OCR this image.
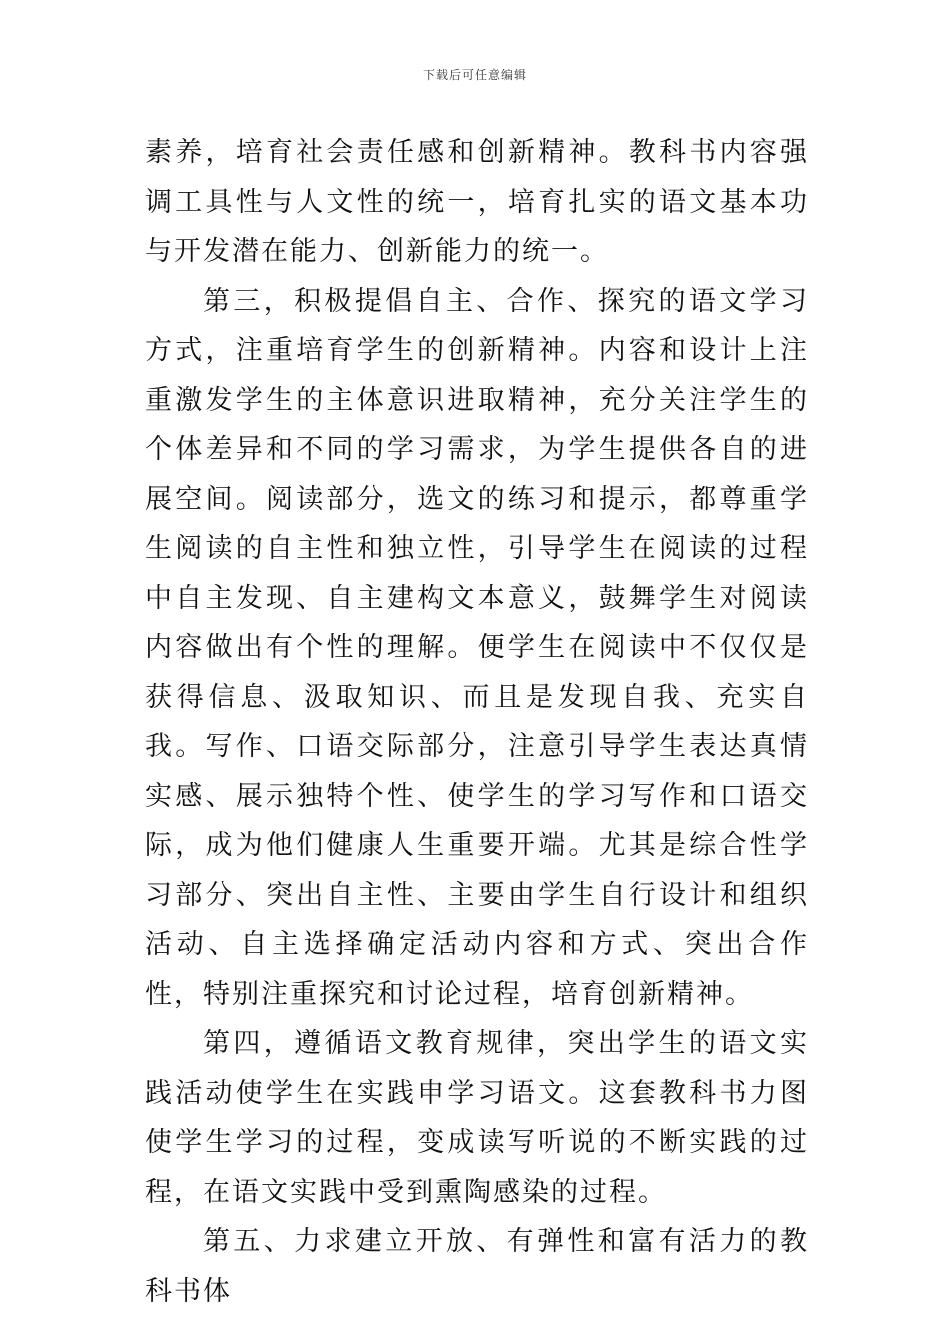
下载后可任意编辑

素养，培育社会责任感和创新精神。教科书内容强调工具性与人文性的统一，培育扎实的语文基本功与开发潜在能力、创新能力的统一。

第三，积极提倡自主、合作、探究的语文学习方式，注重培育学生的创新精神。内容和设计上注重激发学生的主体意识进取精神，充分关注学生的个体差异和不同的学习需求，为学生提供各自的进展空间。阅读部分，选文的练习和提示，都尊重学生阅读的自主性和独立性，引导学生在阅读的过程中自主发现、自主建构文本意义，鼓舞学生对阅读内容做出有个性的理解。便学生在阅读中不仅仅是获得信息、汲取知识、而且是发现自我、充实自我。写作、口语交际部分，注意引导学生表达真情实感、展示独特个性、使学生的学习写作和口语交际，成为他们健康人生重要开端。尤其是综合性学习部分、突出自主性、主要由学生自行设计和组织活动、自主选择确定活动内容和方式、突出合作性，特别注重探究和讨论过程，培育创新精神。

第四，遵循语文教育规律，突出学生的语文实践活动使学生在实践申学习语文。这套教科书力图使学生学习的过程，变成读写听说的不断实践的过程，在语文实践中受到熏陶感染的过程。

第五、力求建立开放、有弹性和富有活力的教科书体
